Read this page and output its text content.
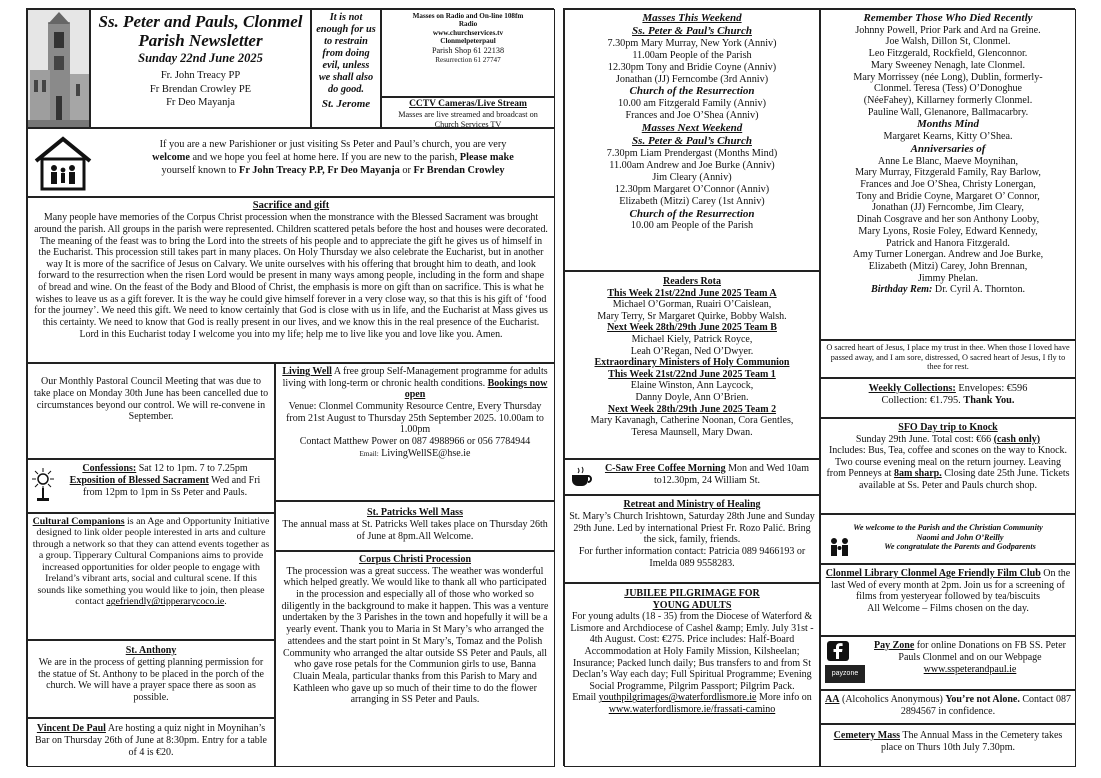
Ss. Peter and Pauls, Clonmel
Parish Newsletter
Sunday 22nd June 2025
Fr. John Treacy PP
Fr Brendan Crowley PE
Fr Deo Mayanja
It is not enough for us to restrain from doing evil, unless we shall also do good.
St. Jerome
Masses on Radio and On-line 108fm Radio
www.churchservices.tv
Clonmelpeterpaul
Parish Shop 61 22138
Resurrection 61 27747
CCTV Cameras/Live Stream
Masses are live streamed and broadcast on Church Services TV
If you are a new Parishioner or just visiting Ss Peter and Paul’s church, you are very
welcome and we hope you feel at home here. If you are new to the parish, Please make
yourself known to Fr John Treacy P.P, Fr Deo Mayanja or Fr Brendan Crowley
Sacrifice and gift

Many people have memories of the Corpus Christ procession when the monstrance with the Blessed Sacrament was brought around the parish. All groups in the parish were represented. Children scattered petals before the host and houses were decorated. The meaning of the feast was to bring the Lord into the streets of his people and to appreciate the gift he gives us of himself in the Eucharist. This procession still takes part in many places. On Holy Thursday we also celebrate the Eucharist, but in another way It is more of the sacrifice of Jesus on Calvary. We unite ourselves with his offering that brought him to death, and look forward to the resurrection when the risen Lord would be present in many ways among people, including in the form and shape of bread and wine. On the feast of the Body and Blood of Christ, the emphasis is more on gift than on sacrifice. This is what he wishes to leave us as a gift forever. It is the way he could give himself forever in a very close way, so that this is his gift of ‘food for the journey’. We need this gift. We need to know certainly that God is close with us in life, and the Eucharist at Mass gives us this certainty. We need to know that God is really present in our lives, and we know this in the real presence of the Eucharist.

Lord in this Eucharist today I welcome you into my life; help me to live like you and love like you. Amen.

Our Monthly Pastoral Council Meeting that was due to take place on Monday 30th June has been cancelled due to circumstances beyond our control. We will re-convene in September.

Confessions: Sat 12 to 1pm. 7 to 7.25pm
Exposition of Blessed Sacrament Wed and Fri from 12pm to 1pm in Ss Peter and Pauls.

Cultural Companions is an Age and Opportunity Initiative designed to link older people interested in arts and culture through a network so that they can attend events together as a group. Tipperary Cultural Companions aims to provide increased opportunities for older people to engage with Ireland’s vibrant arts, social and cultural scene. If this sounds like something you would like to join, then please contact agefriendly@tipperarycoco.ie.

St. Anthony

We are in the process of getting planning permission for the statue of St. Anthony to be placed in the porch of the church. We will have a prayer space there as soon as possible.

Vincent De Paul Are hosting a quiz night in Moynihan’s Bar on Thursday 26th of June at 8:30pm. Entry for a table of 4 is €20.

Living Well A free group Self-Management programme for adults living with long-term or chronic health conditions. Bookings now open

Venue: Clonmel Community Resource Centre, Every Thursday from 21st August to Thursday 25th September 2025. 10.00am to 1.00pm

Contact Matthew Power on 087 4988966 or 056 7784944

Email: LivingWellSE@hse.ie

St. Patricks Well Mass

The annual mass at St. Patricks Well takes place on Thursday 26th of June at 8pm.All Welcome.

Corpus Christi Procession

The procession was a great success. The weather was wonderful which helped greatly. We would like to thank all who participated in the procession and especially all of those who worked so diligently in the background to make it happen. This was a venture undertaken by the 3 Parishes in the town and hopefully it will be a yearly event. Thank you to Maria in St Mary’s who arranged the attendees and the start point in St Mary’s, Tomaz and the Polish Community who arranged the altar outside SS Peter and Pauls, all who gave rose petals for the Communion girls to use, Banna Cluain Meala, particular thanks from this Parish to Mary and Kathleen who gave up so much of their time to do the flower arranging in SS Peter and Pauls.

Masses This Weekend
Ss. Peter & Paul’s Church
7.30pm Mary Murray, New York (Anniv)
11.00am People of the Parish
12.30pm Tony and Bridie Coyne (Anniv)
Jonathan (JJ) Ferncombe (3rd Anniv)
Church of the Resurrection
10.00 am Fitzgerald Family (Anniv)
Frances and Joe O’Shea (Anniv)
Masses Next Weekend
Ss. Peter & Paul’s Church
7.30pm Liam Prendergast (Months Mind)
11.00am Andrew and Joe Burke (Anniv)
Jim Cleary (Anniv)
12.30pm Margaret O’Connor (Anniv)
Elizabeth (Mitzi) Carey (1st Anniv)
Church of the Resurrection
10.00 am People of the Parish
Readers Rota
This Week 21st/22nd June 2025 Team A
Michael O’Gorman, Ruairi O’Caislean,
Mary Terry, Sr Margaret Quirke, Bobby Walsh.
Next Week 28th/29th June 2025 Team B
Michael Kiely, Patrick Royce,
Leah O’Regan, Ned O’Dwyer.
Extraordinary Ministers of Holy Communion
This Week 21st/22nd June 2025 Team 1
Elaine Winston, Ann Laycock,
Danny Doyle, Ann O’Brien.
Next Week 28th/29th June 2025 Team 2
Mary Kavanagh, Catherine Noonan, Cora Gentles,
Teresa Maunsell, Mary Dwan.
C-Saw Free Coffee Morning Mon and Wed 10am to12.30pm, 24 William St.
Retreat and Ministry of Healing

St. Mary’s Church Irishtown, Saturday 28th June and Sunday 29th June. Led by international Priest Fr. Rozo Palić. Bring the sick, family, friends.

For further information contact: Patricia 089 9466193 or Imelda 089 9558283.

JUBILEE PILGRIMAGE FOR
YOUNG ADULTS

For young adults (18 - 35) from the Diocese of Waterford & Lismore and Archdiocese of Cashel &amp; Emly. July 31st - 4th August. Cost: €275. Price includes: Half-Board Accommodation at Holy Family Mission, Kilsheelan; Insurance; Packed lunch daily; Bus transfers to and from St Declan’s Way each day; Full Spiritual Programme; Evening Social Programme, Pilgrim Passport; Pilgrim Pack.

Email youthpilgrimages@waterfordlismore.ie More info on www.waterfordlismore.ie/frassati-camino

Remember Those Who Died Recently
Johnny Powell, Prior Park and Ard na Greine.
Joe Walsh, Dillon St, Clonmel.
Leo Fitzgerald, Rockfield, Glenconnor.
Mary Sweeney Nenagh, late Clonmel.
Mary Morrissey (née Long), Dublin, formerly-
Clonmel. Teresa (Tess) O’Donoghue
(NéeFahey), Killarney formerly Clonmel.
Pauline Wall, Glenanore, Ballmacarbry.
Months Mind
Margaret Kearns, Kitty O’Shea.
Anniversaries of
Anne Le Blanc, Maeve Moynihan,
Mary Murray, Fitzgerald Family, Ray Barlow,
Frances and Joe O’Shea, Christy Lonergan,
Tony and Bridie Coyne, Margaret O’ Connor,
Jonathan (JJ) Ferncombe, Jim Cleary,
Dinah Cosgrave and her son Anthony Looby,
Mary Lyons, Rosie Foley, Edward Kennedy,
Patrick and Hanora Fitzgerald.
Amy Turner Lonergan. Andrew and Joe Burke,
Elizabeth (Mitzi) Carey, John Brennan,
Jimmy Phelan.
Birthday Rem: Dr. Cyril A. Thornton.

O sacred heart of Jesus, I place my trust in thee. When those I loved have passed away, and I am sore, distressed, O sacred heart of Jesus, I fly to thee for rest.

Weekly Collections: Envelopes: €596
Collection: €1.795. Thank You.
SFO Day trip to Knock

Sunday 29th June. Total cost: €66 (cash only)

Includes: Bus, Tea, coffee and scones on the way to Knock. Two course evening meal on the return journey. Leaving from Penneys at 8am sharp. Closing date 25th June. Tickets available at Ss. Peter and Pauls church shop.

We welcome to the Parish and the Christian Community
Naomi and John O’Reilly
We congratulate the Parents and Godparents

Clonmel Library Clonmel Age Friendly Film Club On the last Wed of every month at 2pm. Join us for a screening of films from yesteryear followed by tea/biscuits

All Welcome – Films chosen on the day.

payzone
Pay Zone for online Donations on FB SS. Peter Pauls Clonmel and on our Webpage www.sspeterandpaul.ie
AA (Alcoholics Anonymous) You’re not Alone. Contact 087 2894567 in confidence.
Cemetery Mass The Annual Mass in the Cemetery takes place on Thurs 10th July 7.30pm.
